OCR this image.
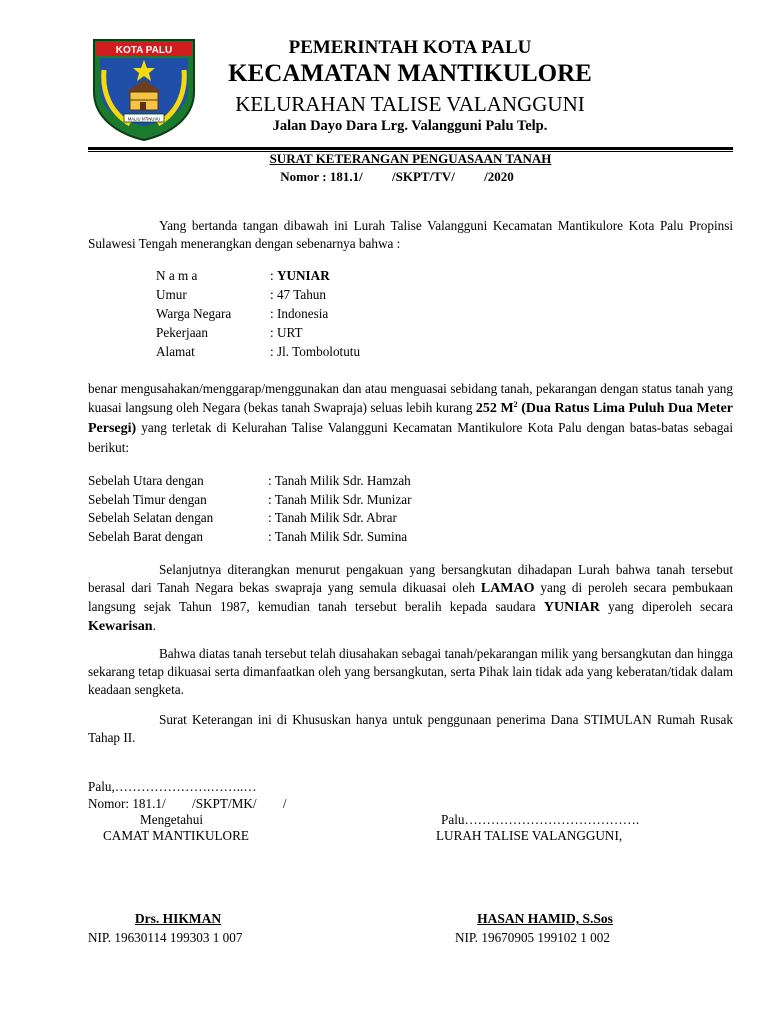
KOTA PALU
MALIU NTINUVU
PEMERINTAH KOTA PALU
KECAMATAN MANTIKULORE
KELURAHAN TALISE VALANGGUNI
Jalan Dayo Dara Lrg. Valangguni Palu Telp.
SURAT KETERANGAN PENGUASAAN TANAH
Nomor : 181.1/         /SKPT/TV/         /2020
Yang bertanda tangan dibawah ini Lurah Talise Valangguni Kecamatan Mantikulore Kota Palu Propinsi Sulawesi Tengah menerangkan dengan sebenarnya bahwa :
N a m a	: YUNIAR
Umur	: 47 Tahun
Warga Negara	: Indonesia
Pekerjaan	: URT
Alamat	: Jl. Tombolotutu
benar mengusahakan/menggarap/menggunakan dan atau menguasai sebidang tanah, pekarangan dengan status tanah yang kuasai langsung oleh Negara (bekas tanah Swapraja) seluas lebih kurang 252 $M^2$ (Dua Ratus Lima Puluh Dua Meter Persegi) yang terletak di Kelurahan Talise Valangguni Kecamatan Mantikulore Kota Palu dengan batas-batas sebagai berikut:
Sebelah Utara dengan	: Tanah Milik Sdr. Hamzah
Sebelah Timur dengan	: Tanah Milik Sdr. Munizar
Sebelah Selatan dengan	: Tanah Milik Sdr. Abrar
Sebelah Barat dengan	: Tanah Milik Sdr. Sumina
Selanjutnya diterangkan menurut pengakuan yang bersangkutan dihadapan Lurah bahwa tanah tersebut berasal dari Tanah Negara bekas swapraja yang semula dikuasai oleh LAMAO yang di peroleh secara pembukaan langsung sejak Tahun 1987, kemudian tanah tersebut beralih kepada saudara YUNIAR yang diperoleh secara Kewarisan.
Bahwa diatas tanah tersebut telah diusahakan sebagai tanah/pekarangan milik yang bersangkutan dan hingga sekarang tetap dikuasai serta dimanfaatkan oleh yang bersangkutan, serta Pihak lain tidak ada yang keberatan/tidak dalam keadaan sengketa.
Surat Keterangan ini di Khususkan hanya untuk penggunaan penerima Dana STIMULAN Rumah Rusak Tahap II.
Palu,………………….……..…
Nomor: 181.1/        /SKPT/MK/        /
Mengetahui
CAMAT MANTIKULORE
Drs. HIKMAN
NIP. 19630114 199303 1 007
Palu………………………………….
LURAH TALISE VALANGGUNI,
HASAN HAMID, S.Sos
NIP. 19670905 199102 1 002
